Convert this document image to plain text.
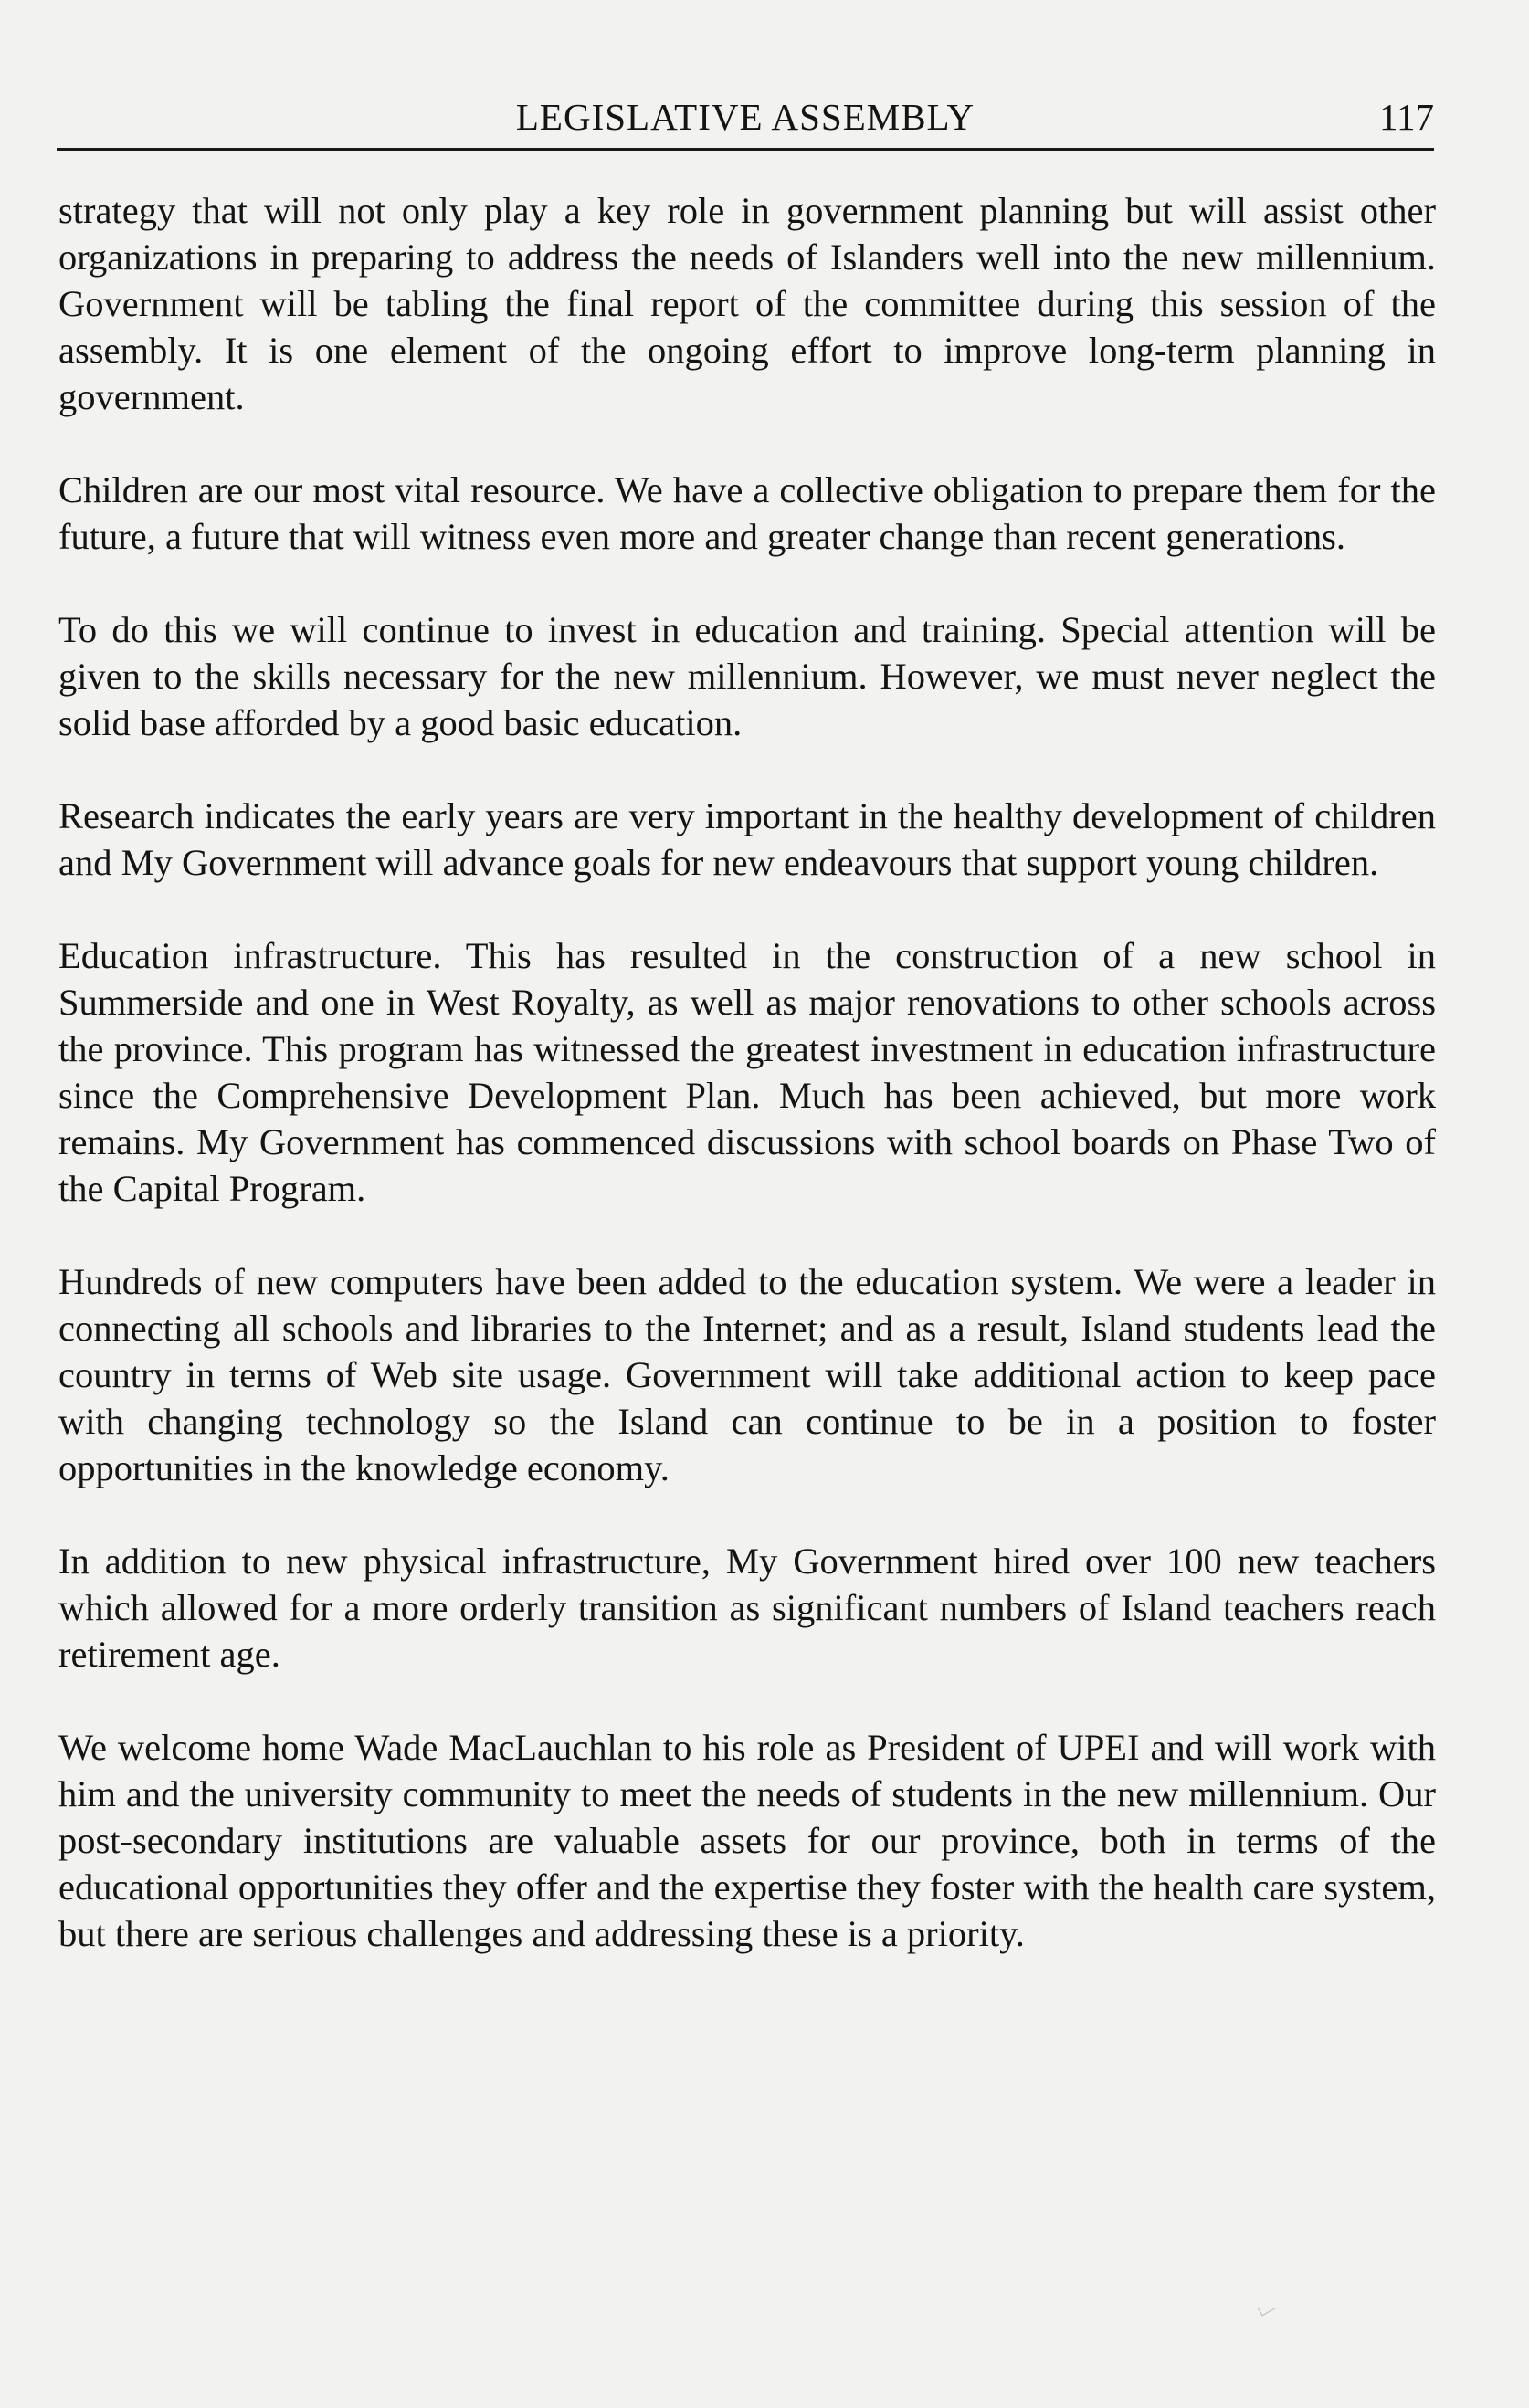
LEGISLATIVE ASSEMBLY	117

strategy that will not only play a key role in government planning but will assist other organizations in preparing to address the needs of Islanders well into the new millennium. Government will be tabling the final report of the committee during this session of the assembly. It is one element of the ongoing effort to improve long-term planning in government.

Children are our most vital resource. We have a collective obligation to prepare them for the future, a future that will witness even more and greater change than recent generations.

To do this we will continue to invest in education and training. Special attention will be given to the skills necessary for the new millennium. However, we must never neglect the solid base afforded by a good basic education.

Research indicates the early years are very important in the healthy development of children and My Government will advance goals for new endeavours that support young children.

Education infrastructure. This has resulted in the construction of a new school in Summerside and one in West Royalty, as well as major renovations to other schools across the province. This program has witnessed the greatest investment in education infrastructure since the Comprehensive Development Plan. Much has been achieved, but more work remains. My Government has commenced discussions with school boards on Phase Two of the Capital Program.

Hundreds of new computers have been added to the education system. We were a leader in connecting all schools and libraries to the Internet; and as a result, Island students lead the country in terms of Web site usage. Government will take additional action to keep pace with changing technology so the Island can continue to be in a position to foster opportunities in the knowledge economy.

In addition to new physical infrastructure, My Government hired over 100 new teachers which allowed for a more orderly transition as significant numbers of Island teachers reach retirement age.

We welcome home Wade MacLauchlan to his role as President of UPEI and will work with him and the university community to meet the needs of students in the new millennium. Our post-secondary institutions are valuable assets for our province, both in terms of the educational opportunities they offer and the expertise they foster with the health care system, but there are serious challenges and addressing these is a priority.
